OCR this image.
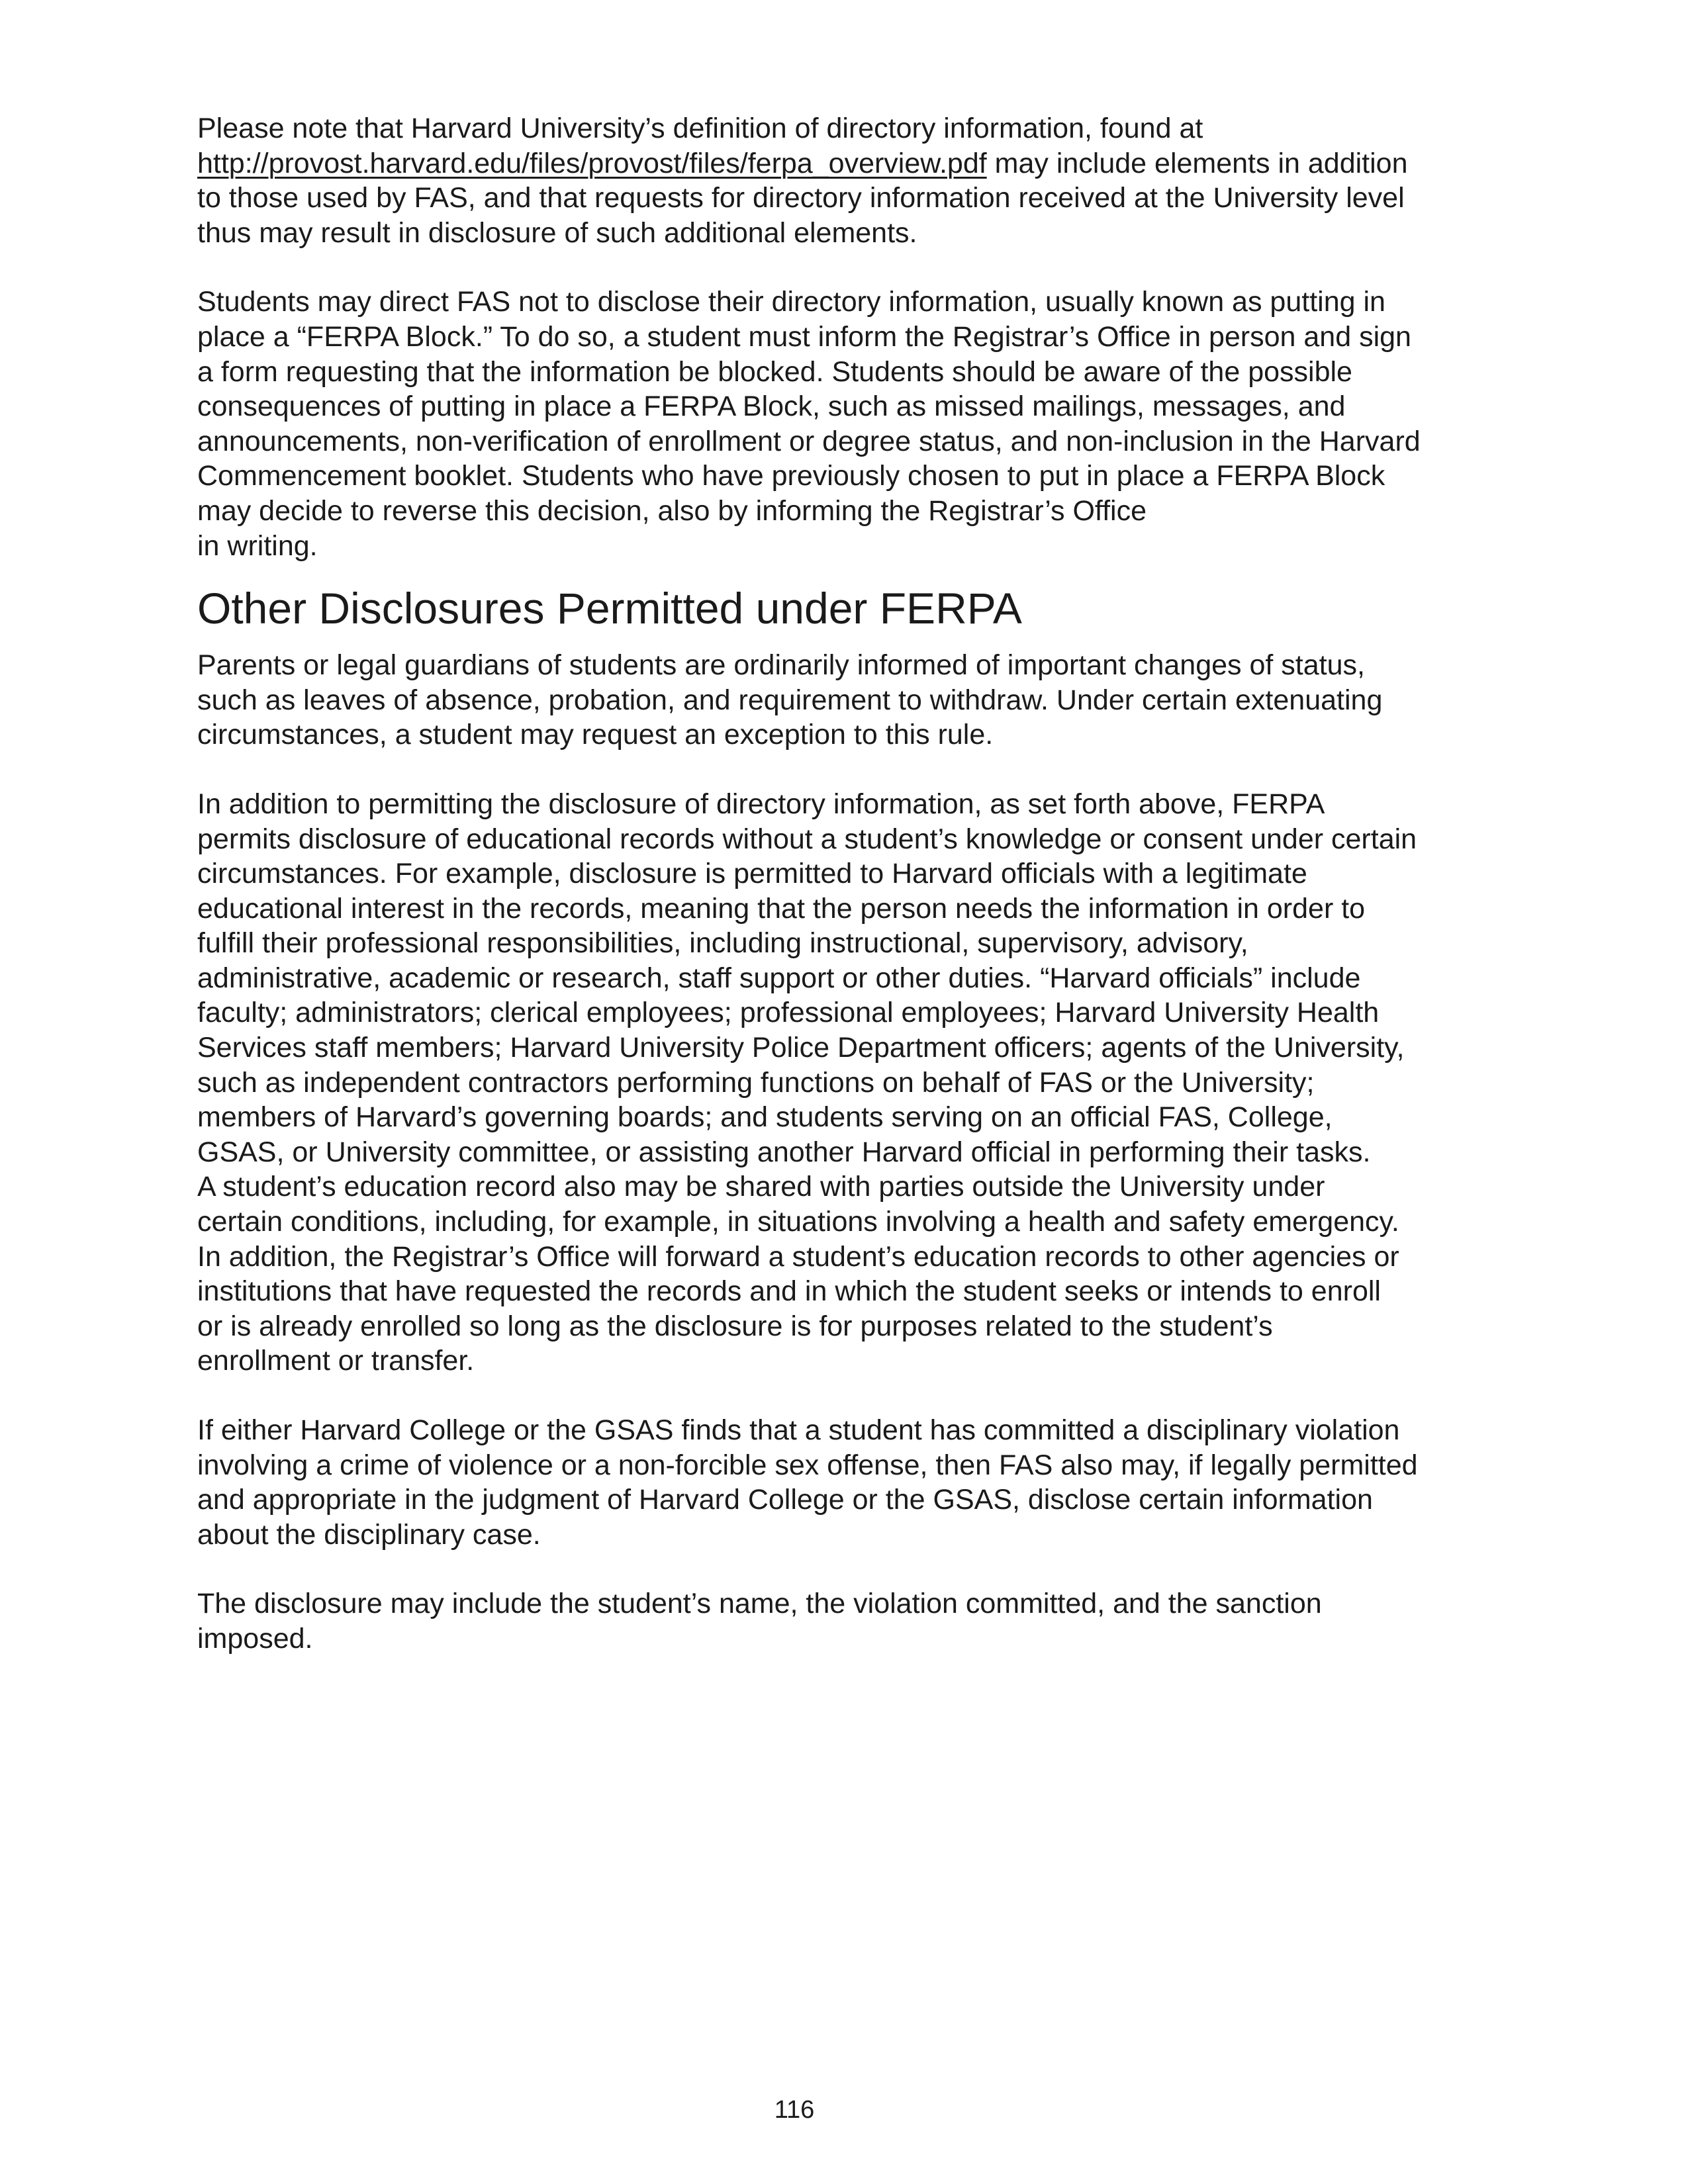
Please note that Harvard University’s definition of directory information, found at
http://provost.harvard.edu/files/provost/files/ferpa_overview.pdf may include elements in addition
to those used by FAS, and that requests for directory information received at the University level
thus may result in disclosure of such additional elements.

Students may direct FAS not to disclose their directory information, usually known as putting in
place a “FERPA Block.” To do so, a student must inform the Registrar’s Office in person and sign
a form requesting that the information be blocked. Students should be aware of the possible
consequences of putting in place a FERPA Block, such as missed mailings, messages, and
announcements, non-verification of enrollment or degree status, and non-inclusion in the Harvard
Commencement booklet. Students who have previously chosen to put in place a FERPA Block
may decide to reverse this decision, also by informing the Registrar’s Office
in writing.

Other Disclosures Permitted under FERPA

Parents or legal guardians of students are ordinarily informed of important changes of status,
such as leaves of absence, probation, and requirement to withdraw. Under certain extenuating
circumstances, a student may request an exception to this rule.

In addition to permitting the disclosure of directory information, as set forth above, FERPA
permits disclosure of educational records without a student’s knowledge or consent under certain
circumstances. For example, disclosure is permitted to Harvard officials with a legitimate
educational interest in the records, meaning that the person needs the information in order to
fulfill their professional responsibilities, including instructional, supervisory, advisory,
administrative, academic or research, staff support or other duties. “Harvard officials” include
faculty; administrators; clerical employees; professional employees; Harvard University Health
Services staff members; Harvard University Police Department officers; agents of the University,
such as independent contractors performing functions on behalf of FAS or the University;
members of Harvard’s governing boards; and students serving on an official FAS, College,
GSAS, or University committee, or assisting another Harvard official in performing their tasks.
A student’s education record also may be shared with parties outside the University under
certain conditions, including, for example, in situations involving a health and safety emergency.
In addition, the Registrar’s Office will forward a student’s education records to other agencies or
institutions that have requested the records and in which the student seeks or intends to enroll
or is already enrolled so long as the disclosure is for purposes related to the student’s
enrollment or transfer.

If either Harvard College or the GSAS finds that a student has committed a disciplinary violation
involving a crime of violence or a non-forcible sex offense, then FAS also may, if legally permitted
and appropriate in the judgment of Harvard College or the GSAS, disclose certain information
about the disciplinary case.

The disclosure may include the student’s name, the violation committed, and the sanction
imposed.

116
